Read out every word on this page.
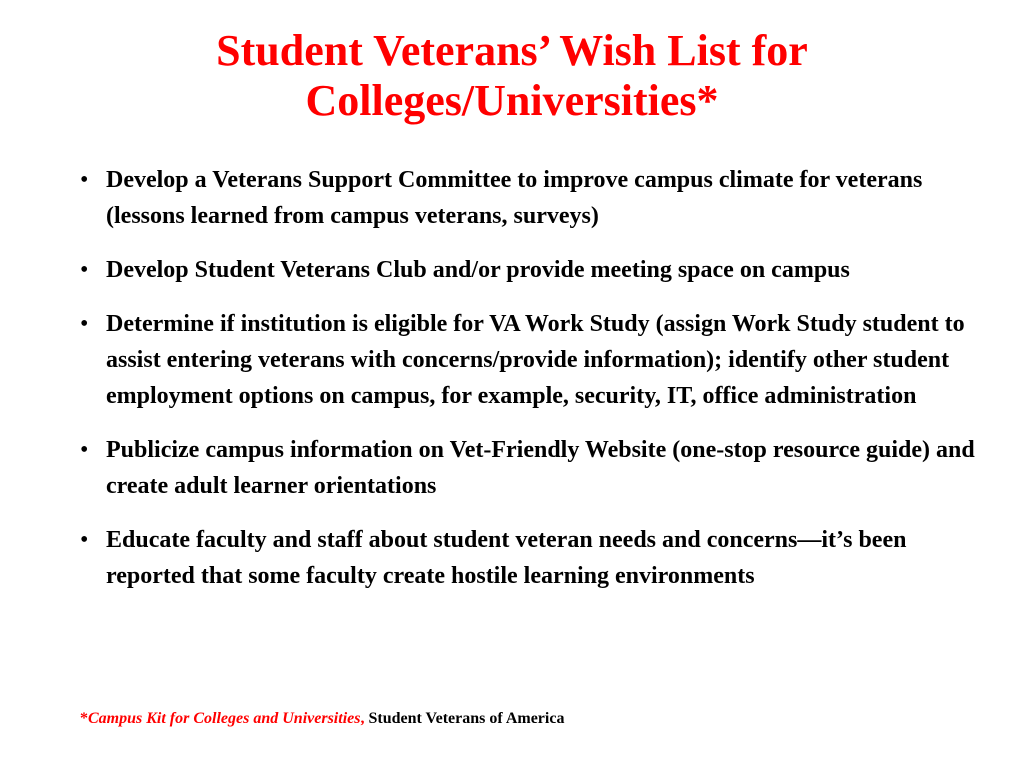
Student Veterans’ Wish List for
Colleges/Universities*
• Develop a Veterans Support Committee to improve campus climate for veterans (lessons learned from campus veterans, surveys)
• Develop Student Veterans Club and/or provide meeting space on campus
• Determine if institution is eligible for VA Work Study (assign Work Study student to assist entering veterans with concerns/provide information); identify other student employment options on campus, for example, security, IT, office administration
• Publicize campus information on Vet-Friendly Website (one-stop resource guide) and create adult learner orientations
• Educate faculty and staff about student veteran needs and concerns—it’s been reported that some faculty create hostile learning environments
*Campus Kit for Colleges and Universities, Student Veterans of America
